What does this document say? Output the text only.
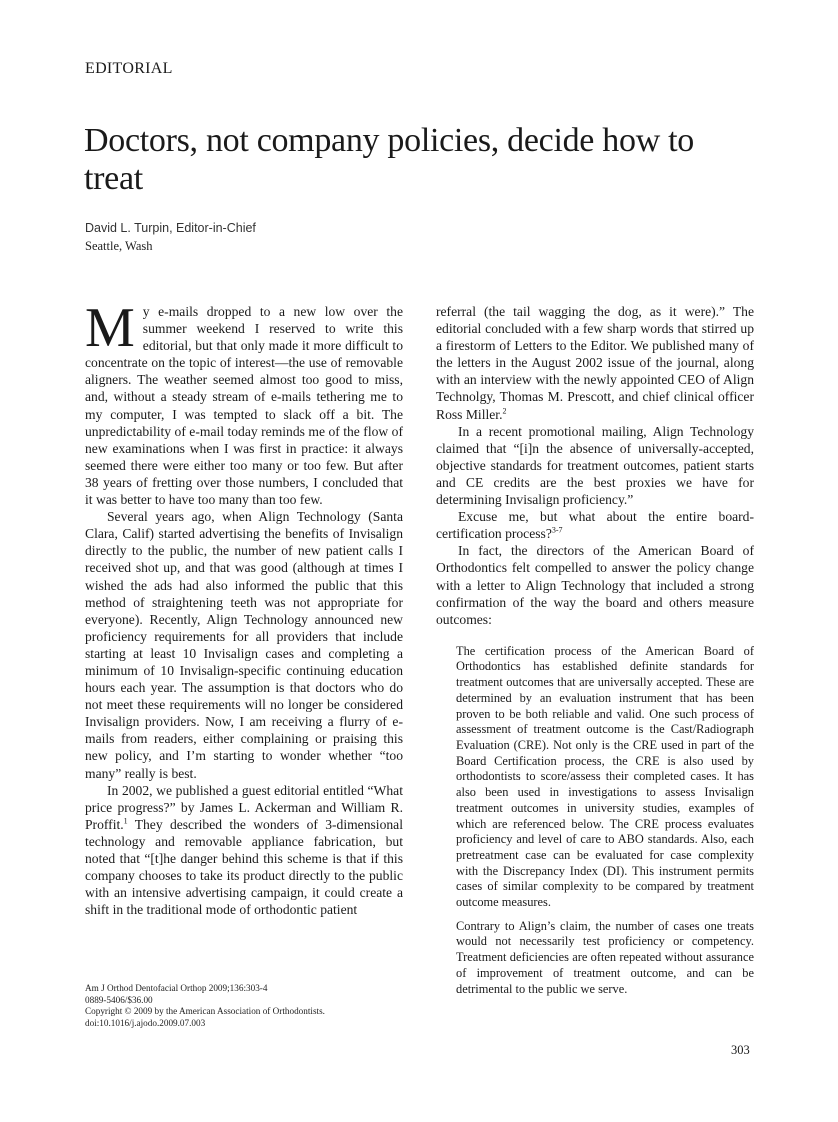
EDITORIAL
Doctors, not company policies, decide how to treat
David L. Turpin, Editor-in-Chief
Seattle, Wash

My e-mails dropped to a new low over the summer weekend I reserved to write this editorial, but that only made it more difficult to concentrate on the topic of interest—the use of removable aligners. The weather seemed almost too good to miss, and, without a steady stream of e-mails tethering me to my computer, I was tempted to slack off a bit. The unpredictability of e-mail today reminds me of the flow of new examinations when I was first in practice: it always seemed there were either too many or too few. But after 38 years of fretting over those numbers, I concluded that it was better to have too many than too few.

Several years ago, when Align Technology (Santa Clara, Calif) started advertising the benefits of Invisalign directly to the public, the number of new patient calls I received shot up, and that was good (although at times I wished the ads had also informed the public that this method of straightening teeth was not appropriate for everyone). Recently, Align Technology announced new proficiency requirements for all providers that include starting at least 10 Invisalign cases and completing a minimum of 10 Invisalign-specific continuing education hours each year. The assumption is that doctors who do not meet these requirements will no longer be considered Invisalign providers. Now, I am receiving a flurry of e-mails from readers, either complaining or praising this new policy, and I’m starting to wonder whether “too many” really is best.

In 2002, we published a guest editorial entitled “What price progress?” by James L. Ackerman and William R. Proffit.$^1$ They described the wonders of 3-dimensional technology and removable appliance fabrication, but noted that “[t]he danger behind this scheme is that if this company chooses to take its product directly to the public with an intensive advertising campaign, it could create a shift in the traditional mode of orthodontic patient

referral (the tail wagging the dog, as it were).” The editorial concluded with a few sharp words that stirred up a firestorm of Letters to the Editor. We published many of the letters in the August 2002 issue of the journal, along with an interview with the newly appointed CEO of Align Technolgy, Thomas M. Prescott, and chief clinical officer Ross Miller.$^2$

In a recent promotional mailing, Align Technology claimed that “[i]n the absence of universally-accepted, objective standards for treatment outcomes, patient starts and CE credits are the best proxies we have for determining Invisalign proficiency.”

Excuse me, but what about the entire board-certification process?$^{3-7}$

In fact, the directors of the American Board of Orthodontics felt compelled to answer the policy change with a letter to Align Technology that included a strong confirmation of the way the board and others measure outcomes:

The certification process of the American Board of Orthodontics has established definite standards for treatment outcomes that are universally accepted. These are determined by an evaluation instrument that has been proven to be both reliable and valid. One such process of assessment of treatment outcome is the Cast/Radiograph Evaluation (CRE). Not only is the CRE used in part of the Board Certification process, the CRE is also used by orthodontists to score/assess their completed cases. It has also been used in investigations to assess Invisalign treatment outcomes in university studies, examples of which are referenced below. The CRE process evaluates proficiency and level of care to ABO standards. Also, each pretreatment case can be evaluated for case complexity with the Discrepancy Index (DI). This instrument permits cases of similar complexity to be compared by treatment outcome measures.

Contrary to Align’s claim, the number of cases one treats would not necessarily test proficiency or competency. Treatment deficiencies are often repeated without assurance of improvement of treatment outcome, and can be detrimental to the public we serve.

Am J Orthod Dentofacial Orthop 2009;136:303-4
0889-5406/$36.00
Copyright © 2009 by the American Association of Orthodontists.
doi:10.1016/j.ajodo.2009.07.003
303
